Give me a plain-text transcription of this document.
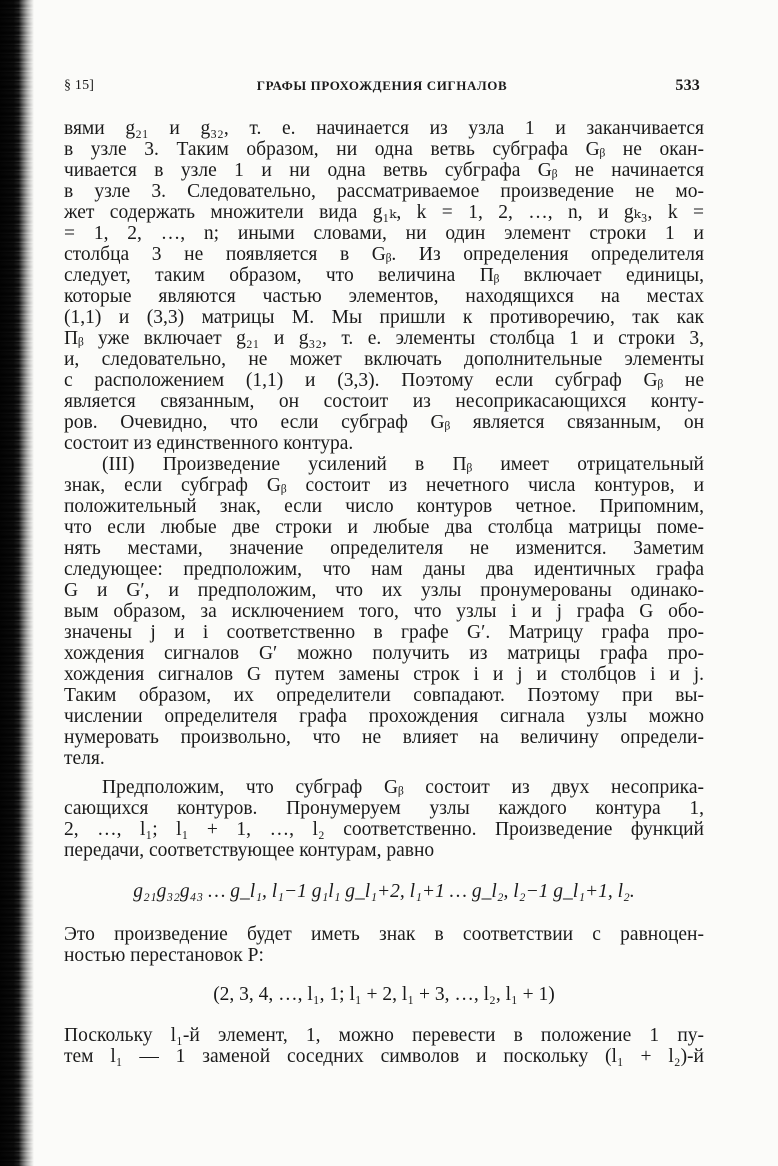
§ 15]	ГРАФЫ ПРОХОЖДЕНИЯ СИГНАЛОВ	533
вями g₂₁ и g₃₂, т. е. начинается из узла 1 и заканчивается
в узле 3. Таким образом, ни одна ветвь субграфа Gᵦ не окан-
чивается в узле 1 и ни одна ветвь субграфа Gᵦ не начинается
в узле 3. Следовательно, рассматриваемое произведение не мо-
жет содержать множители вида g₁ₖ, k = 1, 2, …, n, и gₖ₃, k =
= 1, 2, …, n; иными словами, ни один элемент строки 1 и
столбца 3 не появляется в Gᵦ. Из определения определителя
следует, таким образом, что величина Пᵦ включает единицы,
которые являются частью элементов, находящихся на местах
(1,1) и (3,3) матрицы M. Мы пришли к противоречию, так как
Пᵦ уже включает g₂₁ и g₃₂, т. е. элементы столбца 1 и строки 3,
и, следовательно, не может включать дополнительные элементы
с расположением (1,1) и (3,3). Поэтому если субграф Gᵦ не
является связанным, он состоит из несоприкасающихся конту-
ров. Очевидно, что если субграф Gᵦ является связанным, он
состоит из единственного контура.
(III) Произведение усилений в Пᵦ имеет отрицательный
знак, если субграф Gᵦ состоит из нечетного числа контуров, и
положительный знак, если число контуров четное. Припомним,
что если любые две строки и любые два столбца матрицы поме-
нять местами, значение определителя не изменится. Заметим
следующее: предположим, что нам даны два идентичных графа
G и G′, и предположим, что их узлы пронумерованы одинако-
вым образом, за исключением того, что узлы i и j графа G обо-
значены j и i соответственно в графе G′. Матрицу графа про-
хождения сигналов G′ можно получить из матрицы графа про-
хождения сигналов G путем замены строк i и j и столбцов i и j.
Таким образом, их определители совпадают. Поэтому при вы-
числении определителя графа прохождения сигнала узлы можно
нумеровать произвольно, что не влияет на величину определи-
теля.
Предположим, что субграф Gᵦ состоит из двух несоприка-
сающихся контуров. Пронумеруем узлы каждого контура 1,
2, …, l₁; l₁ + 1, …, l₂ соответственно. Произведение функций
передачи, соответствующее контурам, равно
g₂₁g₃₂g₄₃ … g_l₁, l₁−1 g₁l₁ g_l₁+2, l₁+1 … g_l₂, l₂−1 g_l₁+1, l₂.
Это произведение будет иметь знак в соответствии с равноцен-
ностью перестановок P:
(2, 3, 4, …, l₁, 1; l₁ + 2, l₁ + 3, …, l₂, l₁ + 1)
Поскольку l₁-й элемент, 1, можно перевести в положение 1 пу-
тем l₁ — 1 заменой соседних символов и поскольку (l₁ + l₂)-й
